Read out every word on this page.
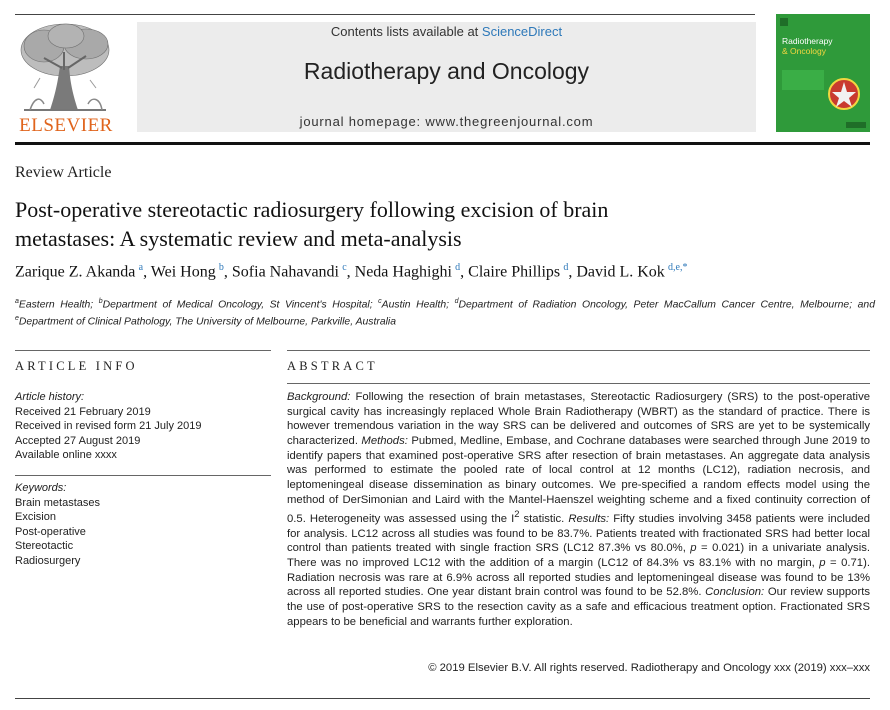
ELSEVIER
Contents lists available at ScienceDirect
Radiotherapy and Oncology
journal homepage: www.thegreenjournal.com
Radiotherapy
& Oncology
Review Article
Post-operative stereotactic radiosurgery following excision of brain
metastases: A systematic review and meta-analysis
Zarique Z. Akanda  $^a$, Wei Hong  $^b$, Sofia Nahavandi  $^c$, Neda Haghighi  $^d$, Claire Phillips  $^d$, David L. Kok  $^{d,e,*}$
$^a$Eastern Health; $^b$Department of Medical Oncology, St Vincent's Hospital; $^c$Austin Health; $^d$Department of Radiation Oncology, Peter MacCallum Cancer Centre, Melbourne; and $^e$Department of Clinical Pathology, The University of Melbourne, Parkville, Australia
ARTICLE INFO
Article history:
Received 21 February 2019
Received in revised form 21 July 2019
Accepted 27 August 2019
Available online xxxx
Keywords:
Brain metastases
Excision
Post-operative
Stereotactic
Radiosurgery
ABSTRACT
Background: Following the resection of brain metastases, Stereotactic Radiosurgery (SRS) to the post-operative surgical cavity has increasingly replaced Whole Brain Radiotherapy (WBRT) as the standard of practice. There is however tremendous variation in the way SRS can be delivered and outcomes of SRS are yet to be systemically characterized. Methods: Pubmed, Medline, Embase, and Cochrane databases were searched through June 2019 to identify papers that examined post-operative SRS after resection of brain metastases. An aggregate data analysis was performed to estimate the pooled rate of local control at 12 months (LC12), radiation necrosis, and leptomeningeal disease dissemination as binary outcomes. We pre-specified a random effects model using the method of DerSimonian and Laird with the Mantel-Haenszel weighting scheme and a fixed continuity correction of 0.5. Heterogeneity was assessed using the $I^2$ statistic. Results: Fifty studies involving 3458 patients were included for analysis. LC12 across all studies was found to be 83.7%. Patients treated with fractionated SRS had better local control than patients treated with single fraction SRS (LC12 87.3% vs 80.0%, p = 0.021) in a univariate analysis. There was no improved LC12 with the addition of a margin (LC12 of 84.3% vs 83.1% with no margin, p = 0.71). Radiation necrosis was rare at 6.9% across all reported studies and leptomeningeal disease was found to be 13% across all reported studies. One year distant brain control was found to be 52.8%. Conclusion: Our review supports the use of post-operative SRS to the resection cavity as a safe and efficacious treatment option. Fractionated SRS appears to be beneficial and warrants further exploration.
© 2019 Elsevier B.V. All rights reserved. Radiotherapy and Oncology xxx (2019) xxx–xxx
